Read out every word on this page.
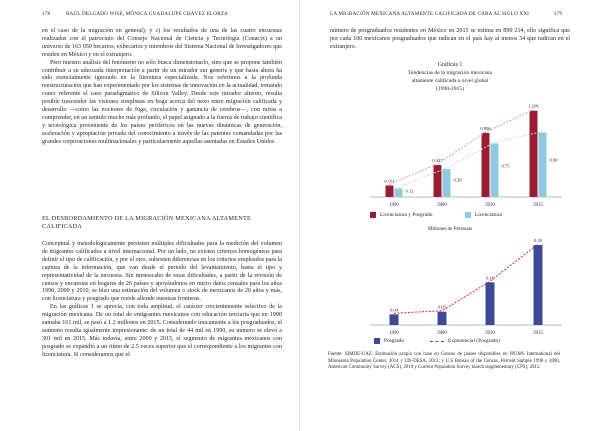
178	RAÚL DELGADO WISE, MÓNICA GUADALUPE CHÁVEZ ELORZA

en el caso de la migración en general), y c) los resultados de una de las cuatro encuestas realizadas con el patrocinio del Consejo Nacional de Ciencia y Tecnología (Conacyt) a un universo de 163 050 becarios, exbecarios y miembros del Sistema Nacional de Investigadores que residen en México y en el extranjero.

Pero nuestro análisis del fenómeno no sólo busca dimensionarlo, sino que se propone también contribuir a su adecuada interpretación a partir de un mirador sui generis y que hasta ahora ha sido esencialmente ignorado en la literatura especializada. Nos referimos a la profunda reestructuración que han experimentado por los sistemas de innovación en la actualidad, tomando como referente el caso paradigmático de Silicon Valley. Desde este mirador alterno, resulta posible trascender las visiones simplistas en boga acerca del nexo entre migración calificada y desarrollo —como las nociones de fuga, circulación y ganancia de cerebros—, con miras a comprender, en un sentido mucho más profundo, el papel asignado a la fuerza de trabajo científica y tecnológica proveniente de los países periféricos en las nuevas dinámicas de generación, aceleración y apropiación privada del conocimiento a través de las patentes comandadas por las grandes corporaciones multinacionales y particularmente aquellas asentadas en Estados Unidos.

EL DESBORDAMIENTO DE LA MIGRACIÓN MEXICANA ALTAMENTE CALIFICADA

Conceptual y metodológicamente persisten múltiples dificultades para la medición del volumen de migrantes calificados a nivel internacional. Por un lado, no existen criterios homogéneos para definir el tipo de calificación, y por el otro, subsisten diferencias en los criterios empleados para la captura de la información, que van desde el periodo del levantamiento, hasta el tipo y representatividad de la encuesta. Sin menoscabo de estas dificultades, a partir de la revisión de censos y encuestas en hogares de 26 países y apoyándonos en micro datos censales para los años 1990, 2000 y 2010, se hizo una estimación del volumen o stock de mexicanos de 20 años y más, con licenciatura y posgrado que reside allende nuestras fronteras.

En las gráficas 1 se aprecia, con toda amplitud, el carácter crecientemente selectivo de la migración mexicana. De un total de emigrantes mexicanos con educación terciaria que en 1990 sumaba 161 mil, se pasó a 1.2 millones en 2015. Considerando únicamente a los posgraduados, el aumento resulta igualmente impresionante: de un total de 44 mil en 1990, su número se elevó a 301 mil en 2015. Más todavía, entre 2000 y 2015, el segmento de migrantes mexicanos con posgrado se expandió a un ritmo de 2.5 veces superior que el correspondiente a los migrantes con licenciatura. Si consideramos que el

LA MIGRACIÓN MEXICANA ALTAMENTE CALIFICADA DE CARA AL SIGLO XXI	179
número de posgraduados residentes en México en 2015 se estima en 890 214, ello significa que por cada 100 mexicanos posgraduados que radican en el país hay al menos 34 que radican en el extranjero.
Gráficas 1
Tendencias de la migración mexicana
altamente calificada a nivel global
(1990-2015)
0.161
0.12
1990
0.447
0.39
2000
0.896
0.75
2010
1.206
0.90
2015
Licenciatura y Posgrado	Licenciatura
Millones de Personas
0.04
1990
0.05
2000
0.16
2010
0.30
2015
Posgrado	Exponencial (Posgrado)
Fuente: SIMDE-UAZ. Estimación propia con base en Censos de países disponibles en IPUMS International del Minnesota Population Center, 2014 y UN-DESA, 2013; y U.S Bureau of the Census, Percent Sample 1990 y 2000, American Community Survey (ACS), 2010 y Current Population Survey march supplementary (CPS), 2015.
